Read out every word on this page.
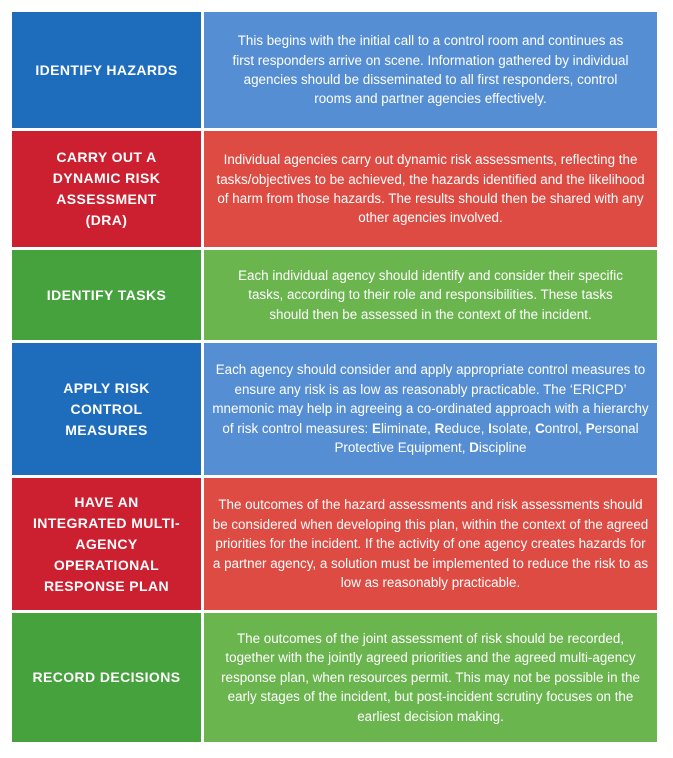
IDENTIFY HAZARDS

This begins with the initial call to a control room and continues as first responders arrive on scene. Information gathered by individual agencies should be disseminated to all first responders, control rooms and partner agencies effectively.

CARRY OUT A DYNAMIC RISK ASSESSMENT (DRA)

Individual agencies carry out dynamic risk assessments, reflecting the tasks/objectives to be achieved, the hazards identified and the likelihood of harm from those hazards. The results should then be shared with any other agencies involved.

IDENTIFY TASKS

Each individual agency should identify and consider their specific tasks, according to their role and responsibilities. These tasks should then be assessed in the context of the incident.

APPLY RISK CONTROL MEASURES

Each agency should consider and apply appropriate control measures to ensure any risk is as low as reasonably practicable. The ‘ERICPD’ mnemonic may help in agreeing a co-ordinated approach with a hierarchy of risk control measures: Eliminate, Reduce, Isolate, Control, Personal Protective Equipment, Discipline

HAVE AN INTEGRATED MULTI-AGENCY OPERATIONAL RESPONSE PLAN

The outcomes of the hazard assessments and risk assessments should be considered when developing this plan, within the context of the agreed priorities for the incident. If the activity of one agency creates hazards for a partner agency, a solution must be implemented to reduce the risk to as low as reasonably practicable.

RECORD DECISIONS

The outcomes of the joint assessment of risk should be recorded, together with the jointly agreed priorities and the agreed multi-agency response plan, when resources permit. This may not be possible in the early stages of the incident, but post-incident scrutiny focuses on the earliest decision making.
